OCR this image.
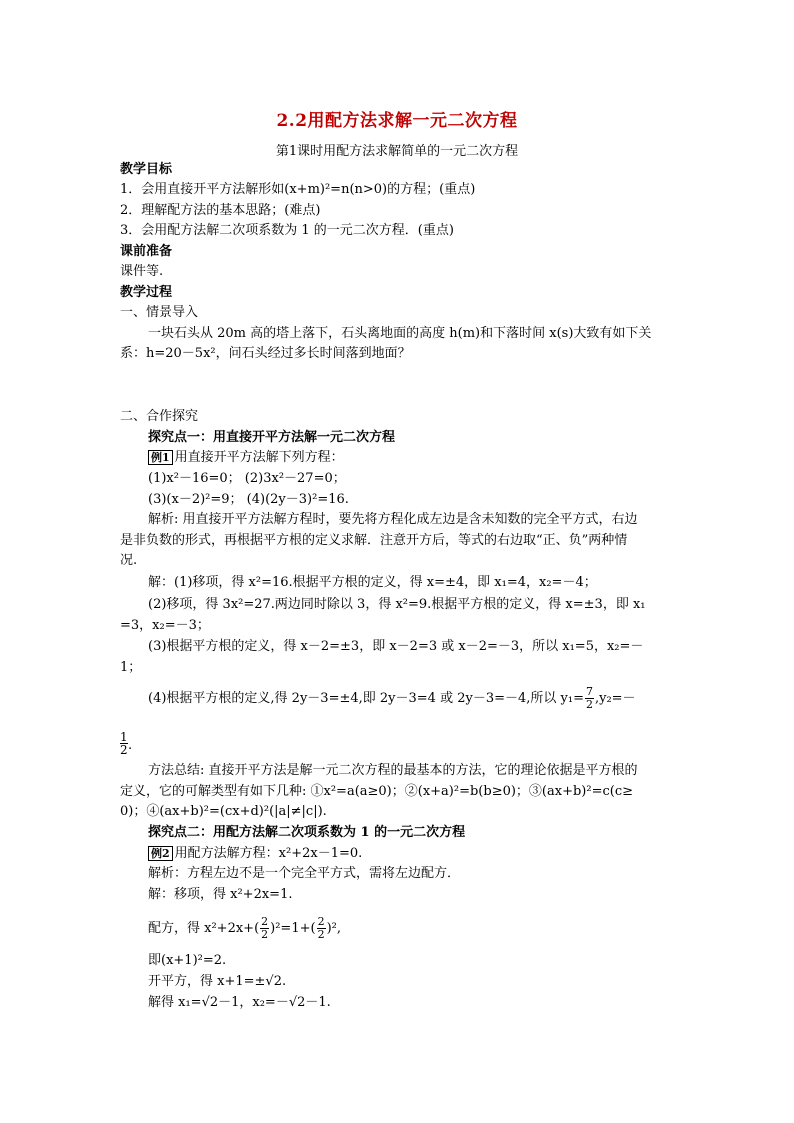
2.2用配方法求解一元二次方程
第1课时用配方法求解简单的一元二次方程
教学目标
1．会用直接开平方法解形如(x+m)²=n(n>0)的方程；(重点)
2．理解配方法的基本思路；(难点)
3．会用配方法解二次项系数为 1 的一元二次方程．(重点)
课前准备
课件等.
教学过程
一、情景导入
一块石头从 20m 高的塔上落下，石头离地面的高度 h(m)和下落时间 x(s)大致有如下关
系：h=20－5x²，问石头经过多长时间落到地面？
二、合作探究
探究点一：用直接开平方法解一元二次方程
例1 用直接开平方法解下列方程：
(1)x²－16=0； (2)3x²－27=0；
(3)(x－2)²=9； (4)(2y－3)²=16.
解析: 用直接开平方法解方程时，要先将方程化成左边是含未知数的完全平方式，右边
是非负数的形式，再根据平方根的定义求解．注意开方后，等式的右边取“正、负”两种情
况.
解：(1)移项，得 x²=16.根据平方根的定义，得 x=±4，即 x₁=4，x₂=－4；
(2)移项，得 3x²=27.两边同时除以 3，得 x²=9.根据平方根的定义，得 x=±3，即 x₁
=3，x₂=－3；
(3)根据平方根的定义，得 x－2=±3，即 x－2=3 或 x－2=－3，所以 x₁=5，x₂=－
1；
(4)根据平方根的定义,得 2y－3=±4,即 2y－3=4 或 2y－3=－4,所以 $y_1= \frac{7}{2} ,y_2=-$
1
2 .
方法总结: 直接开平方法是解一元二次方程的最基本的方法，它的理论依据是平方根的
定义，它的可解类型有如下几种: ①x²=a(a≥0)；②(x+a)²=b(b≥0)；③(ax+b)²=c(c≥
0)；④(ax+b)²=(cx+d)²(|a|≠|c|).
探究点二：用配方法解二次项系数为 1 的一元二次方程
例2 用配方法解方程：x²+2x－1=0.
解析：方程左边不是一个完全平方式，需将左边配方．
解：移项，得 x²+2x=1.
配方，得 $x^2+2x+( \frac{2}{2} )^2=1+( \frac{2}{2} )^2$,
即(x+1)²=2.
开平方，得 x+1=±√2.
解得 x₁=√2－1，x₂=－√2－1.
